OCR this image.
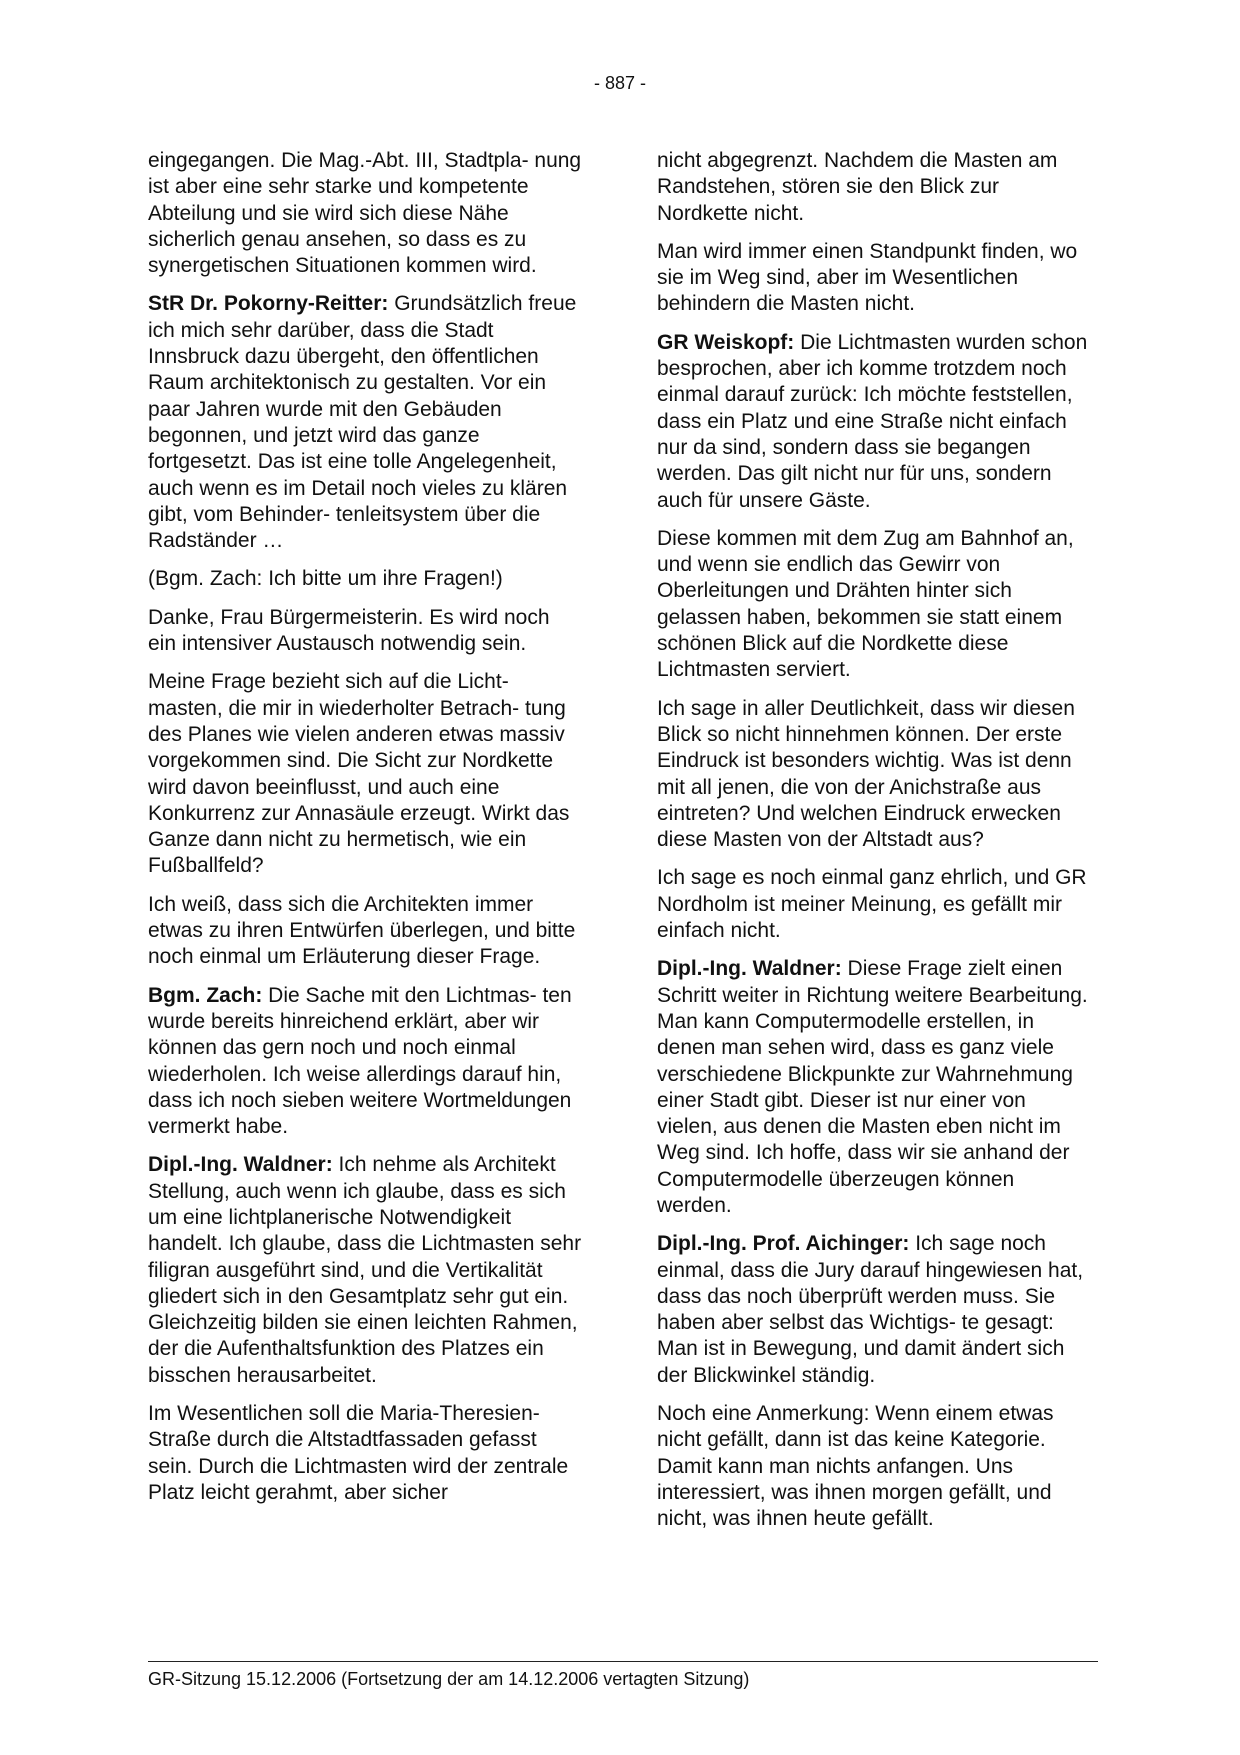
- 887 -

eingegangen. Die Mag.-Abt. III, Stadtpla- nung ist aber eine sehr starke und kompetente Abteilung und sie wird sich diese Nähe sicherlich genau ansehen, so dass es zu synergetischen Situationen kommen wird.

StR Dr. Pokorny-Reitter: Grundsätzlich freue ich mich sehr darüber, dass die Stadt Innsbruck dazu übergeht, den öffentlichen Raum architektonisch zu gestalten. Vor ein paar Jahren wurde mit den Gebäuden begonnen, und jetzt wird das ganze fortgesetzt. Das ist eine tolle Angelegenheit, auch wenn es im Detail noch vieles zu klären gibt, vom Behinder- tenleitsystem über die Radständer …

(Bgm. Zach: Ich bitte um ihre Fragen!)

Danke, Frau Bürgermeisterin. Es wird noch ein intensiver Austausch notwendig sein.

Meine Frage bezieht sich auf die Licht- masten, die mir in wiederholter Betrach- tung des Planes wie vielen anderen etwas massiv vorgekommen sind. Die Sicht zur Nordkette wird davon beeinflusst, und auch eine Konkurrenz zur Annasäule erzeugt. Wirkt das Ganze dann nicht zu hermetisch, wie ein Fußballfeld?

Ich weiß, dass sich die Architekten immer etwas zu ihren Entwürfen überlegen, und bitte noch einmal um Erläuterung dieser Frage.

Bgm. Zach: Die Sache mit den Lichtmas- ten wurde bereits hinreichend erklärt, aber wir können das gern noch und noch einmal wiederholen. Ich weise allerdings darauf hin, dass ich noch sieben weitere Wortmeldungen vermerkt habe.

Dipl.-Ing. Waldner: Ich nehme als Architekt Stellung, auch wenn ich glaube, dass es sich um eine lichtplanerische Notwendigkeit handelt. Ich glaube, dass die Lichtmasten sehr filigran ausgeführt sind, und die Vertikalität gliedert sich in den Gesamtplatz sehr gut ein. Gleichzeitig bilden sie einen leichten Rahmen, der die Aufenthaltsfunktion des Platzes ein bisschen herausarbeitet.

Im Wesentlichen soll die Maria-Theresien- Straße durch die Altstadtfassaden gefasst sein. Durch die Lichtmasten wird der zentrale Platz leicht gerahmt, aber sicher

nicht abgegrenzt. Nachdem die Masten am Randstehen, stören sie den Blick zur Nordkette nicht.

Man wird immer einen Standpunkt finden, wo sie im Weg sind, aber im Wesentlichen behindern die Masten nicht.

GR Weiskopf: Die Lichtmasten wurden schon besprochen, aber ich komme trotzdem noch einmal darauf zurück: Ich möchte feststellen, dass ein Platz und eine Straße nicht einfach nur da sind, sondern dass sie begangen werden. Das gilt nicht nur für uns, sondern auch für unsere Gäste.

Diese kommen mit dem Zug am Bahnhof an, und wenn sie endlich das Gewirr von Oberleitungen und Drähten hinter sich gelassen haben, bekommen sie statt einem schönen Blick auf die Nordkette diese Lichtmasten serviert.

Ich sage in aller Deutlichkeit, dass wir diesen Blick so nicht hinnehmen können. Der erste Eindruck ist besonders wichtig. Was ist denn mit all jenen, die von der Anichstraße aus eintreten? Und welchen Eindruck erwecken diese Masten von der Altstadt aus?

Ich sage es noch einmal ganz ehrlich, und GR Nordholm ist meiner Meinung, es gefällt mir einfach nicht.

Dipl.-Ing. Waldner: Diese Frage zielt einen Schritt weiter in Richtung weitere Bearbeitung. Man kann Computermodelle erstellen, in denen man sehen wird, dass es ganz viele verschiedene Blickpunkte zur Wahrnehmung einer Stadt gibt. Dieser ist nur einer von vielen, aus denen die Masten eben nicht im Weg sind. Ich hoffe, dass wir sie anhand der Computermodelle überzeugen können werden.

Dipl.-Ing. Prof. Aichinger: Ich sage noch einmal, dass die Jury darauf hingewiesen hat, dass das noch überprüft werden muss. Sie haben aber selbst das Wichtigs- te gesagt: Man ist in Bewegung, und damit ändert sich der Blickwinkel ständig.

Noch eine Anmerkung: Wenn einem etwas nicht gefällt, dann ist das keine Kategorie. Damit kann man nichts anfangen. Uns interessiert, was ihnen morgen gefällt, und nicht, was ihnen heute gefällt.

GR-Sitzung 15.12.2006 (Fortsetzung der am 14.12.2006 vertagten Sitzung)
